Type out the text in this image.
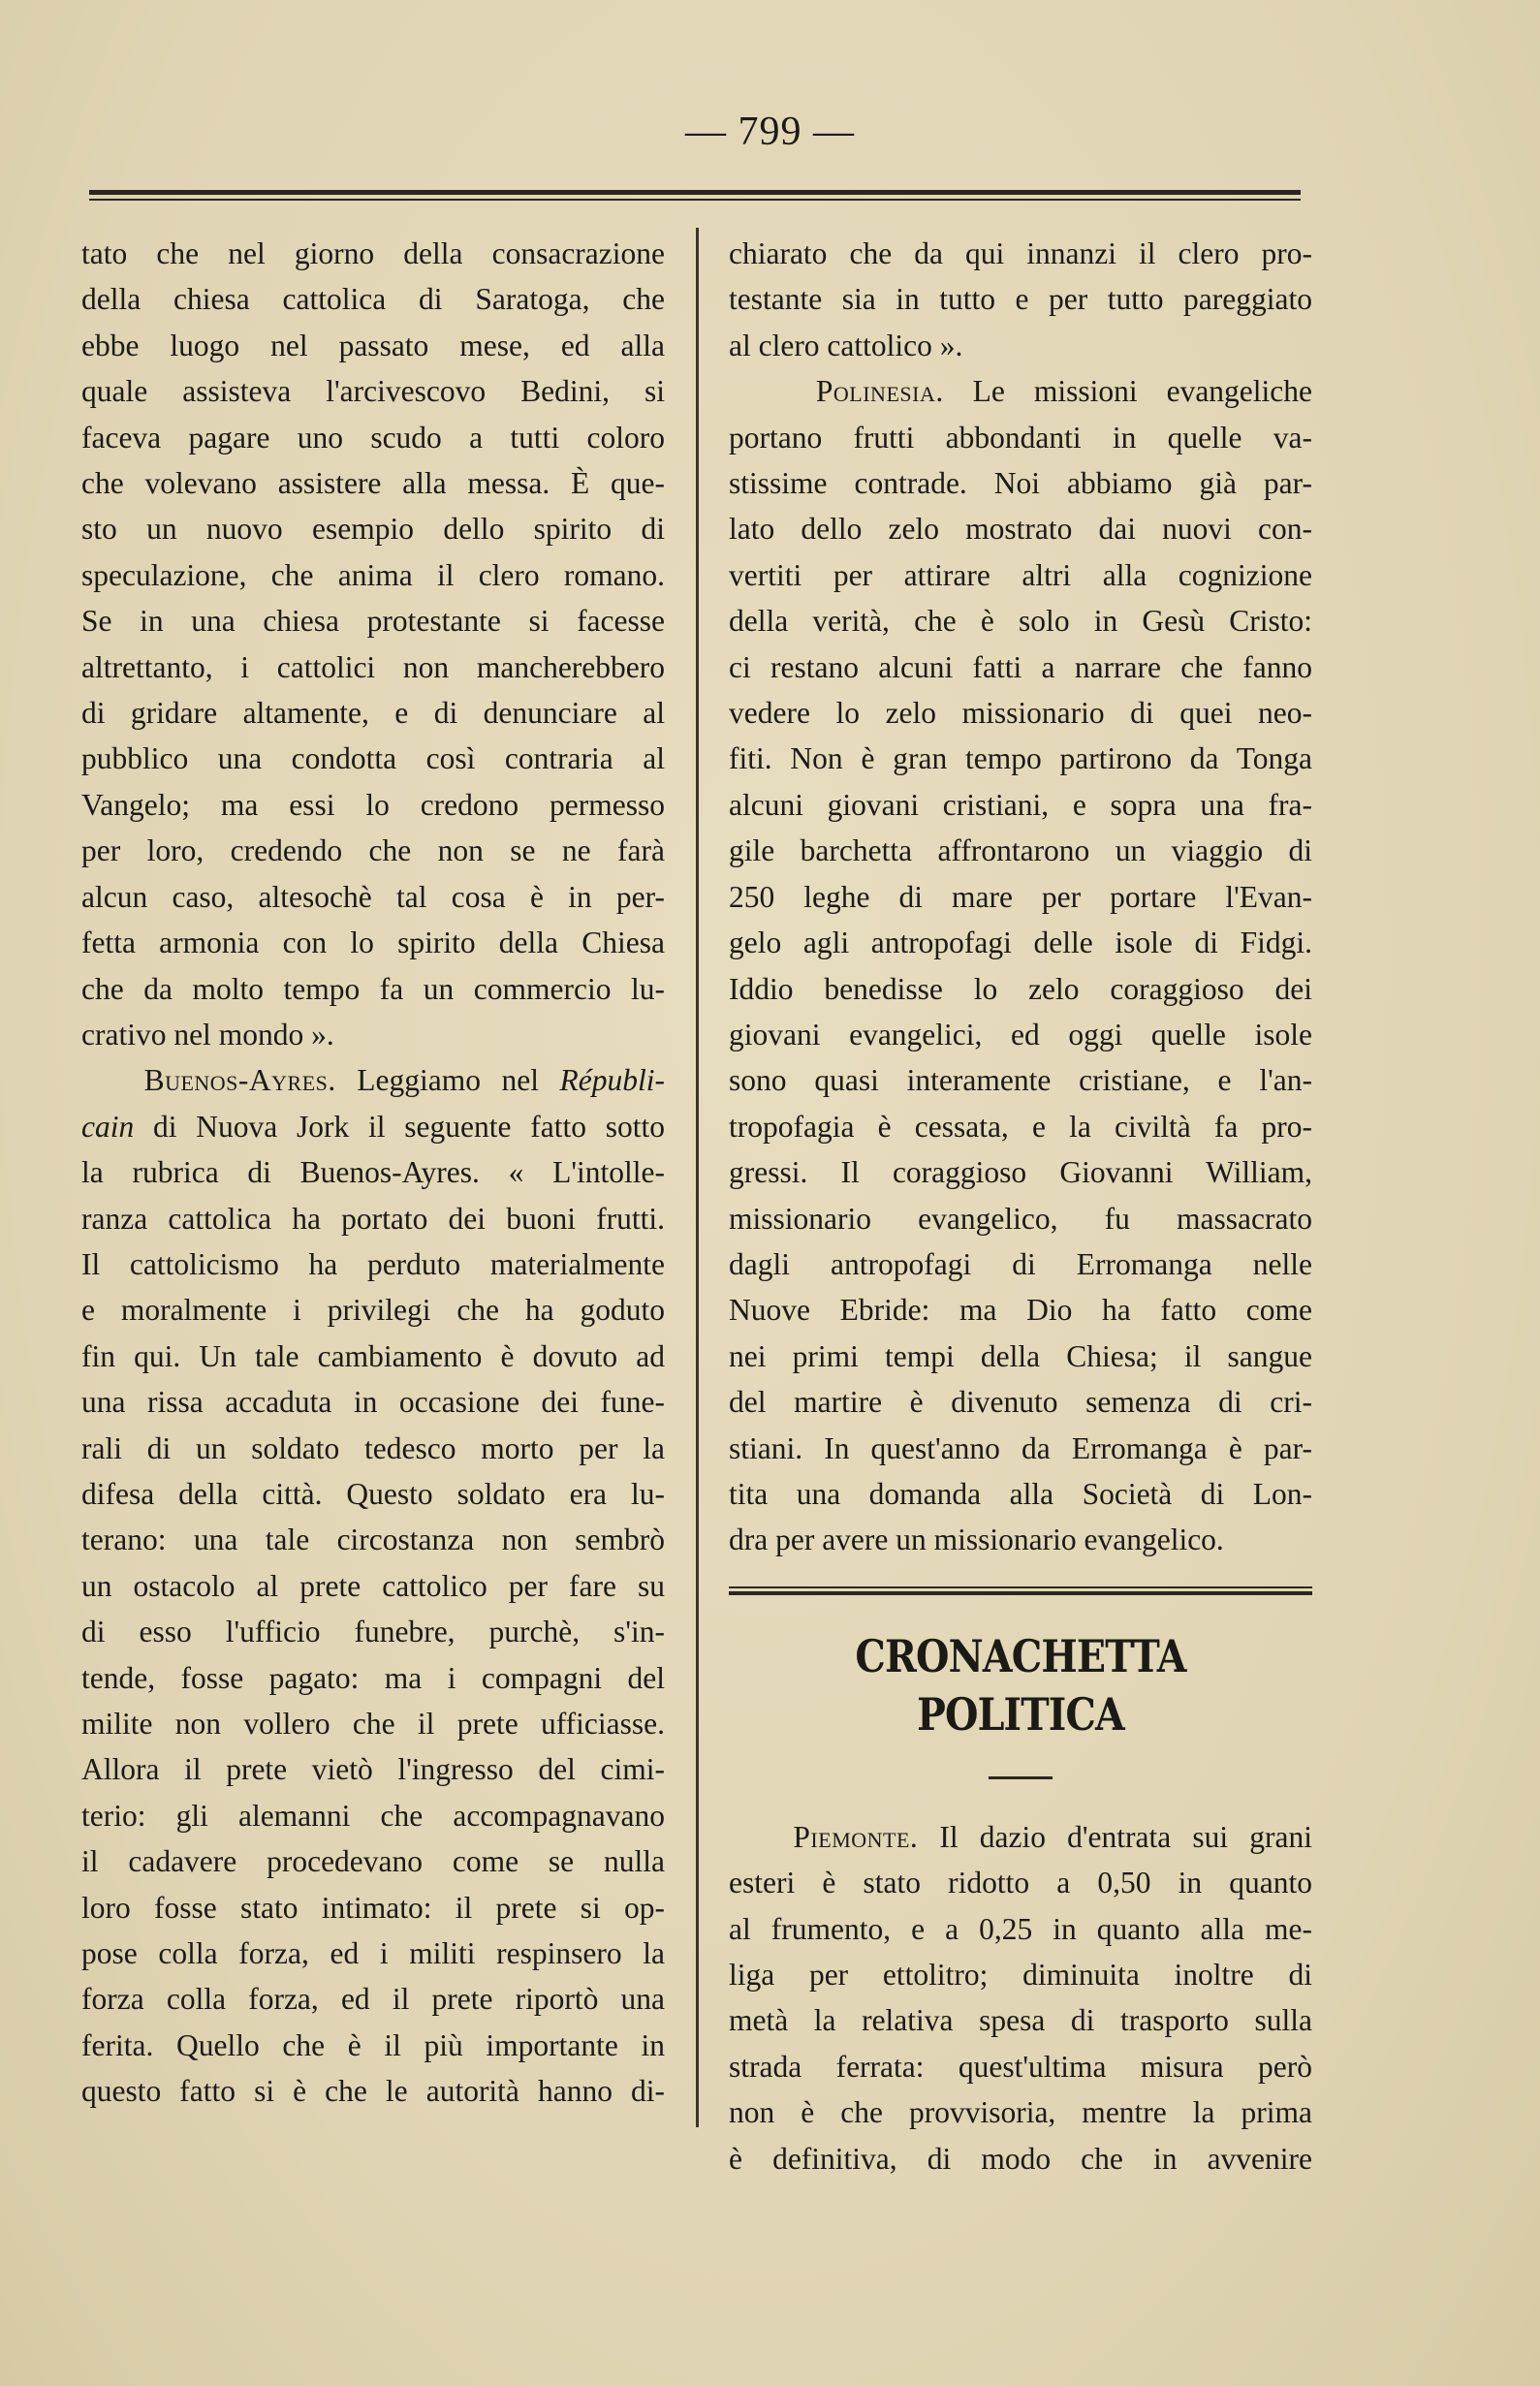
— 799 —
tato che nel giorno della consacrazione
della chiesa cattolica di Saratoga, che
ebbe luogo nel passato mese, ed alla
quale assisteva l'arcivescovo Bedini, si
faceva pagare uno scudo a tutti coloro
che volevano assistere alla messa. È que-
sto un nuovo esempio dello spirito di
speculazione, che anima il clero romano.
Se in una chiesa protestante si facesse
altrettanto, i cattolici non mancherebbero
di gridare altamente, e di denunciare al
pubblico una condotta così contraria al
Vangelo; ma essi lo credono permesso
per loro, credendo che non se ne farà
alcun caso, altesochè tal cosa è in per-
fetta armonia con lo spirito della Chiesa
che da molto tempo fa un commercio lu-
crativo nel mondo ».
Buenos-Ayres. Leggiamo nel Républi-
cain di Nuova Jork il seguente fatto sotto
la rubrica di Buenos-Ayres. « L'intolle-
ranza cattolica ha portato dei buoni frutti.
Il cattolicismo ha perduto materialmente
e moralmente i privilegi che ha goduto
fin qui. Un tale cambiamento è dovuto ad
una rissa accaduta in occasione dei fune-
rali di un soldato tedesco morto per la
difesa della città. Questo soldato era lu-
terano: una tale circostanza non sembrò
un ostacolo al prete cattolico per fare su
di esso l'ufficio funebre, purchè, s'in-
tende, fosse pagato: ma i compagni del
milite non vollero che il prete ufficiasse.
Allora il prete vietò l'ingresso del cimi-
terio: gli alemanni che accompagnavano
il cadavere procedevano come se nulla
loro fosse stato intimato: il prete si op-
pose colla forza, ed i militi respinsero la
forza colla forza, ed il prete riportò una
ferita. Quello che è il più importante in
questo fatto si è che le autorità hanno di-
chiarato che da qui innanzi il clero pro-
testante sia in tutto e per tutto pareggiato
al clero cattolico ».
Polinesia. Le missioni evangeliche
portano frutti abbondanti in quelle va-
stissime contrade. Noi abbiamo già par-
lato dello zelo mostrato dai nuovi con-
vertiti per attirare altri alla cognizione
della verità, che è solo in Gesù Cristo:
ci restano alcuni fatti a narrare che fanno
vedere lo zelo missionario di quei neo-
fiti. Non è gran tempo partirono da Tonga
alcuni giovani cristiani, e sopra una fra-
gile barchetta affrontarono un viaggio di
250 leghe di mare per portare l'Evan-
gelo agli antropofagi delle isole di Fidgi.
Iddio benedisse lo zelo coraggioso dei
giovani evangelici, ed oggi quelle isole
sono quasi interamente cristiane, e l'an-
tropofagia è cessata, e la civiltà fa pro-
gressi. Il coraggioso Giovanni William,
missionario evangelico, fu massacrato
dagli antropofagi di Erromanga nelle
Nuove Ebride: ma Dio ha fatto come
nei primi tempi della Chiesa; il sangue
del martire è divenuto semenza di cri-
stiani. In quest'anno da Erromanga è par-
tita una domanda alla Società di Lon-
dra per avere un missionario evangelico.
CRONACHETTA POLITICA
Piemonte. Il dazio d'entrata sui grani
esteri è stato ridotto a 0,50 in quanto
al frumento, e a 0,25 in quanto alla me-
liga per ettolitro; diminuita inoltre di
metà la relativa spesa di trasporto sulla
strada ferrata: quest'ultima misura però
non è che provvisoria, mentre la prima
è definitiva, di modo che in avvenire
